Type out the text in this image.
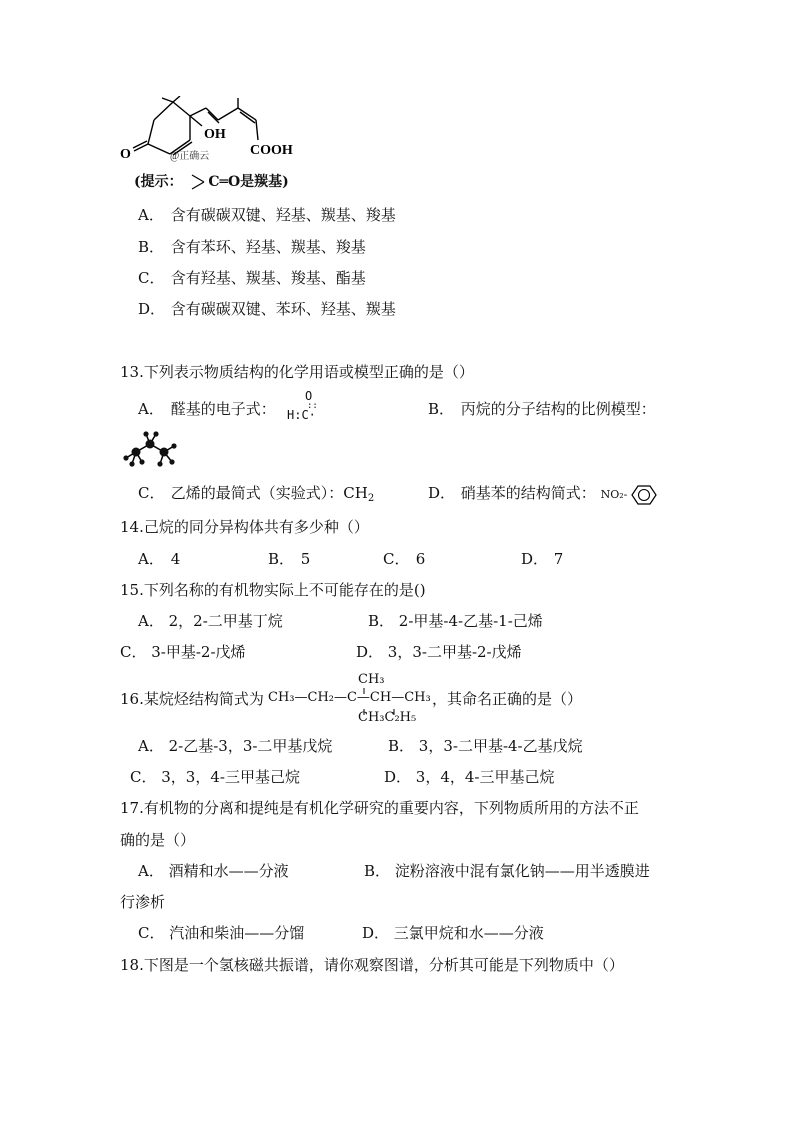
O
OH
COOH
@正确云
(提示： C═O是羰基)
A． 含有碳碳双键、羟基、羰基、羧基
B． 含有苯环、羟基、羰基、羧基
C． 含有羟基、羰基、羧基、酯基
D． 含有碳碳双键、苯环、羟基、羰基
13.下列表示物质结构的化学用语或模型正确的是（）
A． 醛基的电子式：
O
::
H:C·	B． 丙烷的分子结构的比例模型：
C． 乙烯的最简式（实验式）：$CH_2$	D． 硝基苯的结构简式： NO₂-
14.己烷的同分异构体共有多少种（）
A． 4	B． 5	C． 6	D． 7
15.下列名称的有机物实际上不可能存在的是()
A． 2，2-二甲基丁烷	B． 2-甲基-4-乙基-1-己烯
C． 3-甲基-2-戊烯	D． 3，3-二甲基-2-戊烯
16.某烷烃结构简式为
CH₃
CH₃—CH₂—C—CH—CH₃
CH₃C₂H₅
，其命名正确的是（）
A． 2-乙基-3，3-二甲基戊烷	B． 3，3-二甲基-4-乙基戊烷
C． 3，3，4-三甲基己烷	D． 3，4，4-三甲基己烷
17.有机物的分离和提纯是有机化学研究的重要内容，下列物质所用的方法不正
确的是（）
A． 酒精和水——分液	B． 淀粉溶液中混有氯化钠——用半透膜进
行渗析
C． 汽油和柴油——分馏	D． 三氯甲烷和水——分液
18.下图是一个氢核磁共振谱，请你观察图谱，分析其可能是下列物质中（）
